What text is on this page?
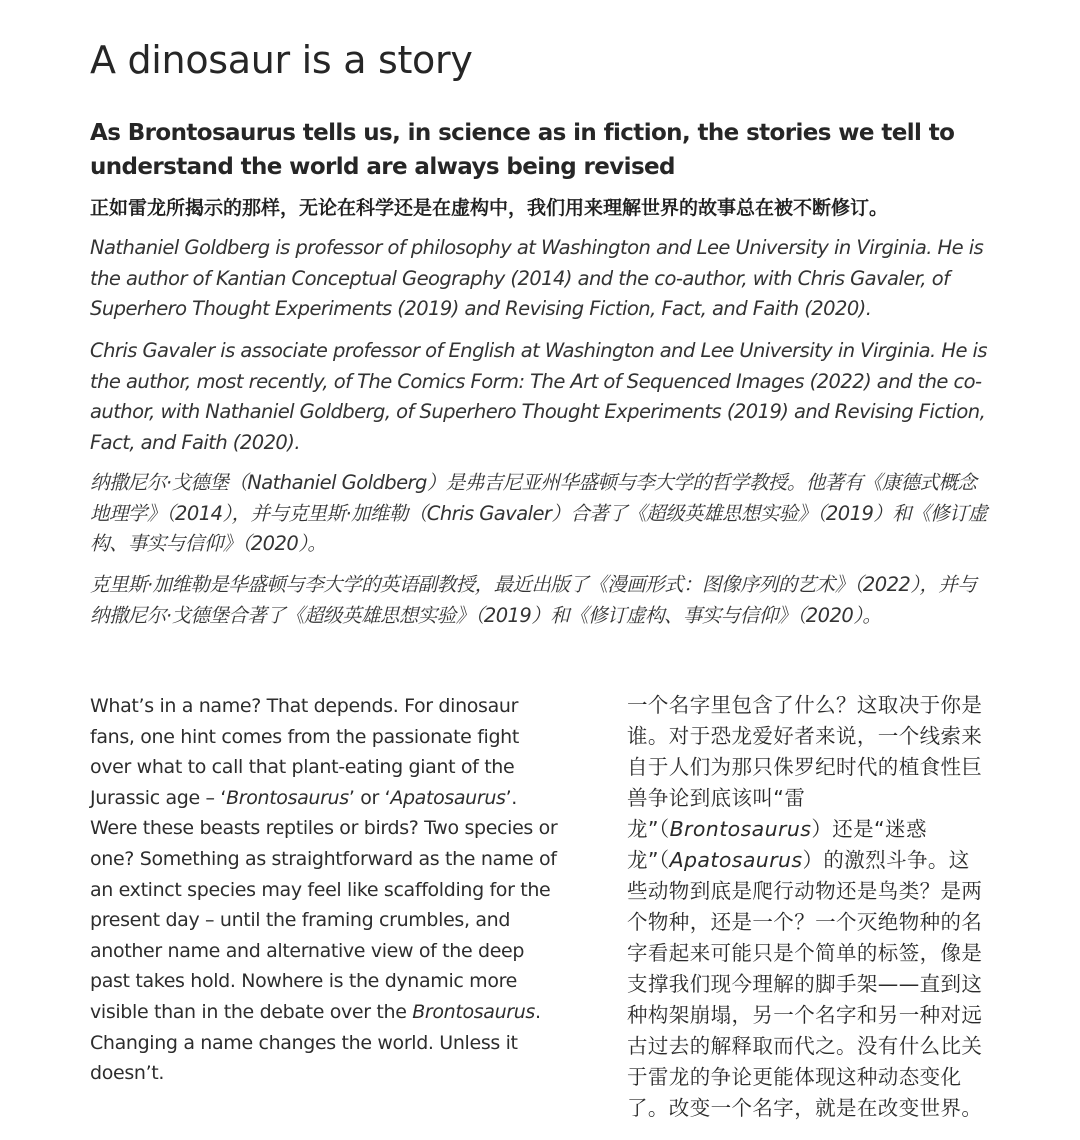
A dinosaur is a story
As Brontosaurus tells us, in science as in fiction, the stories we tell to understand the world are always being revised
正如雷龙所揭示的那样，无论在科学还是在虚构中，我们用来理解世界的故事总在被不断修订。

Nathaniel Goldberg is professor of philosophy at Washington and Lee University in Virginia. He is the author of Kantian Conceptual Geography (2014) and the co-author, with Chris Gavaler, of Superhero Thought Experiments (2019) and Revising Fiction, Fact, and Faith (2020).

Chris Gavaler is associate professor of English at Washington and Lee University in Virginia. He is the author, most recently, of The Comics Form: The Art of Sequenced Images (2022) and the co-author, with Nathaniel Goldberg, of Superhero Thought Experiments (2019) and Revising Fiction, Fact, and Faith (2020).

纳撒尼尔·戈德堡（Nathaniel Goldberg）是弗吉尼亚州华盛顿与李大学的哲学教授。他著有《康德式概念地理学》（2014），并与克里斯·加维勒（Chris Gavaler）合著了《超级英雄思想实验》（2019）和《修订虚构、事实与信仰》（2020）。

克里斯·加维勒是华盛顿与李大学的英语副教授，最近出版了《漫画形式：图像序列的艺术》（2022），并与纳撒尼尔·戈德堡合著了《超级英雄思想实验》（2019）和《修订虚构、事实与信仰》（2020）。

What’s in a name? That depends. For dinosaur fans, one hint comes from the passionate fight over what to call that plant-eating giant of the Jurassic age – ‘Brontosaurus’ or ‘Apatosaurus’. Were these beasts reptiles or birds? Two species or one? Something as straightforward as the name of an extinct species may feel like scaffolding for the present day – until the framing crumbles, and another name and alternative view of the deep past takes hold. Nowhere is the dynamic more visible than in the debate over the Brontosaurus. Changing a name changes the world. Unless it doesn’t.
一个名字里包含了什么？这取决于你是谁。对于恐龙爱好者来说，一个线索来自于人们为那只侏罗纪时代的植食性巨兽争论到底该叫“雷龙”（Brontosaurus）还是“迷惑龙”（Apatosaurus）的激烈斗争。这些动物到底是爬行动物还是鸟类？是两个物种，还是一个？一个灭绝物种的名字看起来可能只是个简单的标签，像是支撑我们现今理解的脚手架——直到这种构架崩塌，另一个名字和另一种对远古过去的解释取而代之。没有什么比关于雷龙的争论更能体现这种动态变化了。改变一个名字，就是在改变世界。
